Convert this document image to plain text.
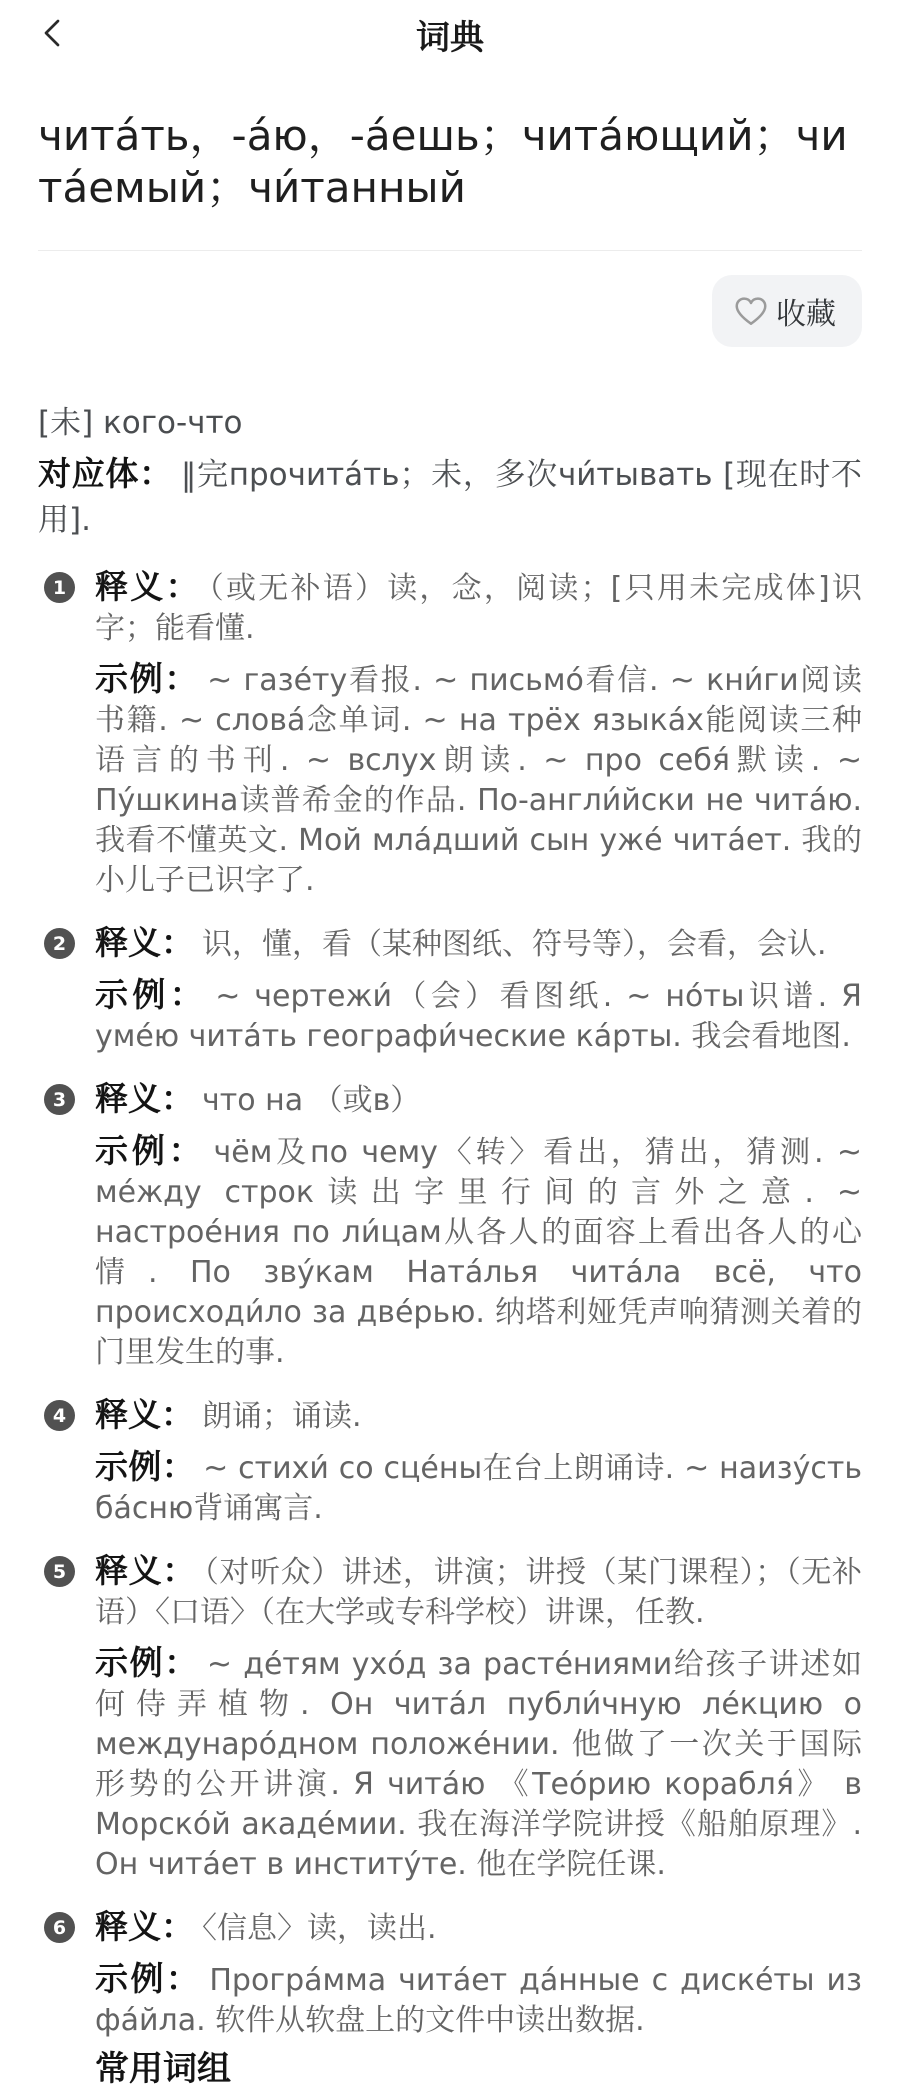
词典
чита́ть，-а́ю，-а́ешь；чита́ющий；чита́емый；чи́танный
收藏
[未] кого-что

对应体： ‖完прочита́ть；未，多次чи́тывать [现在时不用].

1 释义： （或无补语）读，念，阅读；[只用未完成体]识字；能看懂.

示例： ~ газе́ту看报. ~ письмо́看信. ~ кни́ги阅读书籍. ~ слова́念单词. ~ на трёх языка́х能阅读三种语言的书刊. ~ вслух朗读. ~ про себя́默读. ~ Пу́шкина读普希金的作品. По-англи́йски не чита́ю. 我看不懂英文. Мой мла́дший сын уже́ чита́ет. 我的小儿子已识字了.

2 释义： 识，懂，看（某种图纸、符号等），会看，会认.

示例： ~ чертежи́（会）看图纸. ~ но́ты识谱. Я уме́ю чита́ть географи́ческие ка́рты. 我会看地图.

3 释义： что на （或в）

示例： чём及по чему〈转〉看出，猜出，猜测. ~ ме́жду строк读出字里行间的言外之意. ~ настрое́ния по ли́цам从各人的面容上看出各人的心情. По зву́кам Ната́лья чита́ла всё, что происходи́ло за две́рью. 纳塔利娅凭声响猜测关着的门里发生的事.

4 释义： 朗诵；诵读.

示例： ~ стихи́ со сце́ны在台上朗诵诗. ~ наизу́сть ба́сню背诵寓言.

5 释义： （对听众）讲述，讲演；讲授（某门课程）；（无补语）〈口语〉（在大学或专科学校）讲课，任教.

示例： ~ де́тям ухо́д за расте́ниями给孩子讲述如何侍弄植物. Он чита́л публи́чную ле́кцию о междунаро́дном положе́нии. 他做了一次关于国际形势的公开讲演. Я чита́ю 《Тео́рию корабля́》 в Морско́й акаде́мии. 我在海洋学院讲授《船舶原理》. Он чита́ет в институ́те. 他在学院任课.

6 释义： 〈信息〉读，读出.

示例： Програ́мма чита́ет да́нные с диске́ты из фа́йла. 软件从软盘上的文件中读出数据.

常用词组
